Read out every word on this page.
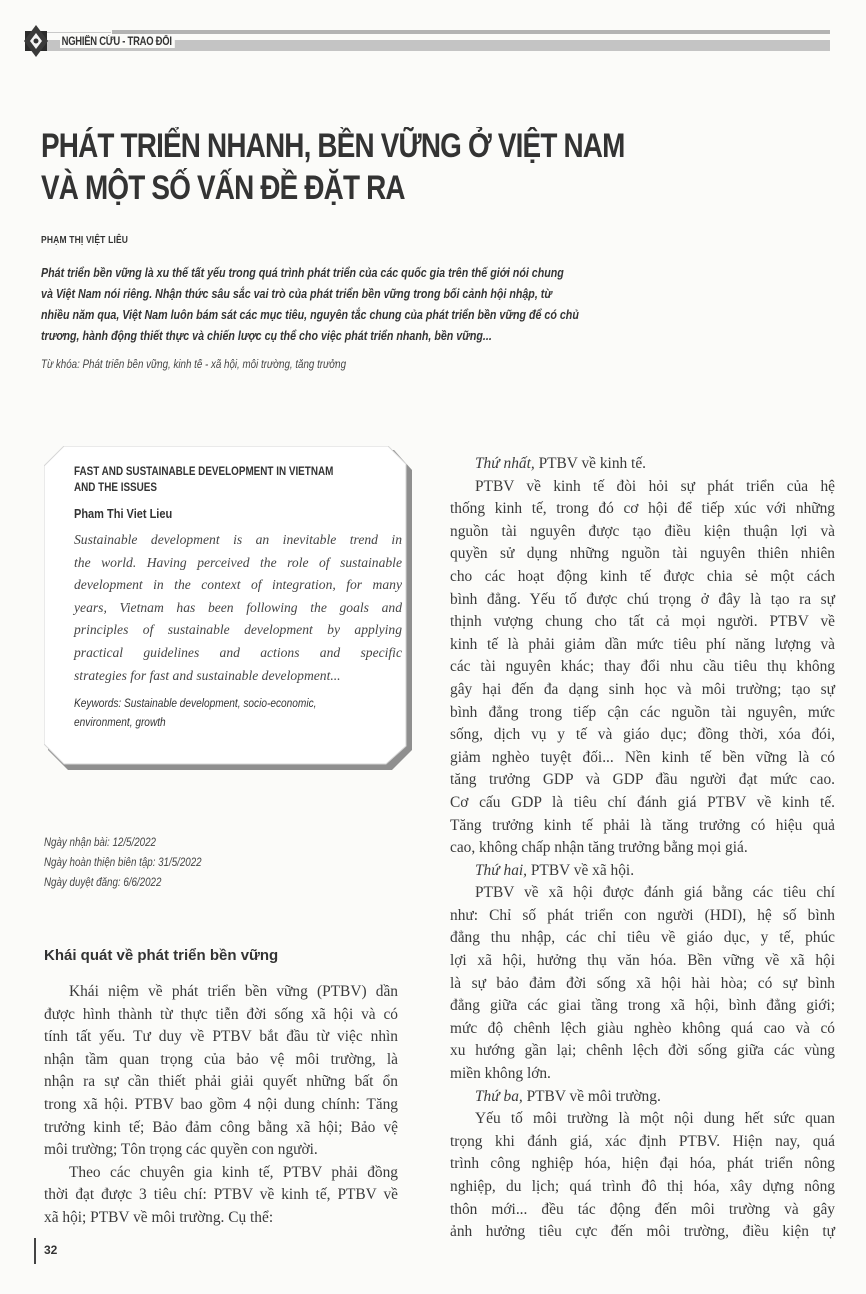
NGHIÊN CỨU - TRAO ĐỔI
PHÁT TRIỂN NHANH, BỀN VỮNG Ở VIỆT NAM
VÀ MỘT SỐ VẤN ĐỀ ĐẶT RA
PHẠM THỊ VIỆT LIÊU

Phát triển bền vững là xu thế tất yếu trong quá trình phát triển của các quốc gia trên thế giới nói chung

và Việt Nam nói riêng. Nhận thức sâu sắc vai trò của phát triển bền vững trong bối cảnh hội nhập, từ

nhiều năm qua, Việt Nam luôn bám sát các mục tiêu, nguyên tắc chung của phát triển bền vững để có chủ

trương, hành động thiết thực và chiến lược cụ thể cho việc phát triển nhanh, bền vững...

Từ khóa: Phát triển bền vững, kinh tế - xã hội, môi trường, tăng trưởng
FAST AND SUSTAINABLE DEVELOPMENT IN VIETNAM
AND THE ISSUES
Pham Thi Viet Lieu
Sustainable development is an inevitable trend in
the world. Having perceived the role of sustainable
development in the context of integration, for many
years, Vietnam has been following the goals and
principles of sustainable development by applying
practical guidelines and actions and specific
strategies for fast and sustainable development...
Keywords: Sustainable development, socio-economic,
environment, growth
Ngày nhận bài: 12/5/2022
Ngày hoàn thiện biên tập: 31/5/2022
Ngày duyệt đăng: 6/6/2022
Khái quát về phát triển bền vững

Khái niệm về phát triển bền vững (PTBV) dần

được hình thành từ thực tiễn đời sống xã hội và có

tính tất yếu. Tư duy về PTBV bắt đầu từ việc nhìn

nhận tầm quan trọng của bảo vệ môi trường, là

nhận ra sự cần thiết phải giải quyết những bất ổn

trong xã hội. PTBV bao gồm 4 nội dung chính: Tăng

trưởng kinh tế; Bảo đảm công bằng xã hội; Bảo vệ

môi trường; Tôn trọng các quyền con người.

Theo các chuyên gia kinh tế, PTBV phải đồng

thời đạt được 3 tiêu chí: PTBV về kinh tế, PTBV về

xã hội; PTBV về môi trường. Cụ thể:

Thứ nhất, PTBV về kinh tế.

PTBV về kinh tế đòi hỏi sự phát triển của hệ

thống kinh tế, trong đó cơ hội để tiếp xúc với những

nguồn tài nguyên được tạo điều kiện thuận lợi và

quyền sử dụng những nguồn tài nguyên thiên nhiên

cho các hoạt động kinh tế được chia sẻ một cách

bình đẳng. Yếu tố được chú trọng ở đây là tạo ra sự

thịnh vượng chung cho tất cả mọi người. PTBV về

kinh tế là phải giảm dần mức tiêu phí năng lượng và

các tài nguyên khác; thay đổi nhu cầu tiêu thụ không

gây hại đến đa dạng sinh học và môi trường; tạo sự

bình đẳng trong tiếp cận các nguồn tài nguyên, mức

sống, dịch vụ y tế và giáo dục; đồng thời, xóa đói,

giảm nghèo tuyệt đối... Nền kinh tế bền vững là có

tăng trưởng GDP và GDP đầu người đạt mức cao.

Cơ cấu GDP là tiêu chí đánh giá PTBV về kinh tế.

Tăng trưởng kinh tế phải là tăng trưởng có hiệu quả

cao, không chấp nhận tăng trưởng bằng mọi giá.

Thứ hai, PTBV về xã hội.

PTBV về xã hội được đánh giá bằng các tiêu chí

như: Chỉ số phát triển con người (HDI), hệ số bình

đẳng thu nhập, các chỉ tiêu về giáo dục, y tế, phúc

lợi xã hội, hưởng thụ văn hóa. Bền vững về xã hội

là sự bảo đảm đời sống xã hội hài hòa; có sự bình

đẳng giữa các giai tầng trong xã hội, bình đẳng giới;

mức độ chênh lệch giàu nghèo không quá cao và có

xu hướng gần lại; chênh lệch đời sống giữa các vùng

miền không lớn.

Thứ ba, PTBV về môi trường.

Yếu tố môi trường là một nội dung hết sức quan

trọng khi đánh giá, xác định PTBV. Hiện nay, quá

trình công nghiệp hóa, hiện đại hóa, phát triển nông

nghiệp, du lịch; quá trình đô thị hóa, xây dựng nông

thôn mới... đều tác động đến môi trường và gây

ảnh hưởng tiêu cực đến môi trường, điều kiện tự

32
